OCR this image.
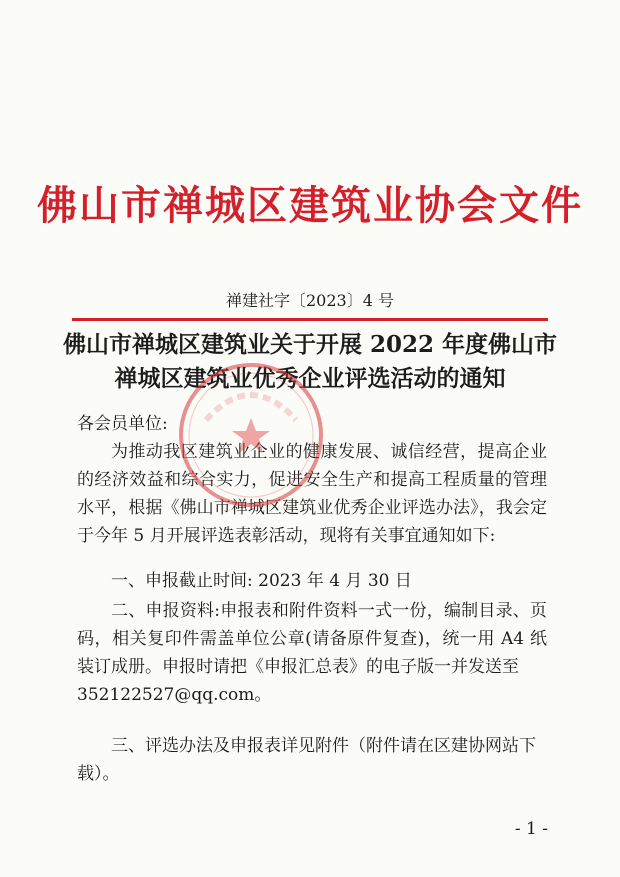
佛山市禅城区建筑业协会文件
禅建社字〔2023〕4 号
佛山市禅城区建筑业关于开展 2022 年度佛山市
禅城区建筑业优秀企业评选活动的通知
各会员单位:

为推动我区建筑业企业的健康发展、诚信经营，提高企业的经济效益和综合实力，促进安全生产和提高工程质量的管理水平，根据《佛山市禅城区建筑业优秀企业评选办法》，我会定于今年 5 月开展评选表彰活动，现将有关事宜通知如下:

一、申报截止时间: 2023 年 4 月 30 日

二、申报资料:申报表和附件资料一式一份，编制目录、页码，相关复印件需盖单位公章(请备原件复查)，统一用 A4 纸装订成册。申报时请把《申报汇总表》的电子版一并发送至

352122527@qq.com。
三、评选办法及申报表详见附件（附件请在区建协网站下载）。
- 1 -
